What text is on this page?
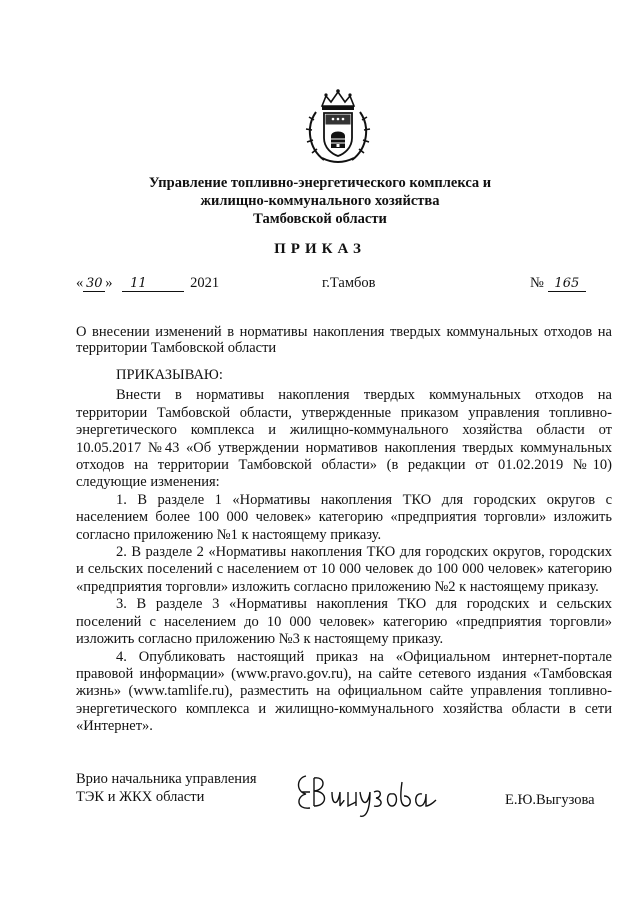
Управление топливно-энергетического комплекса и
жилищно-коммунального хозяйства
Тамбовской области
ПРИКАЗ
« 30 » 11	2021	г.Тамбов	№ 165
О внесении изменений в нормативы накопления твердых коммунальных отходов на территории Тамбовской области

ПРИКАЗЫВАЮ:

Внести в нормативы накопления твердых коммунальных отходов на территории Тамбовской области, утвержденные приказом управления топливно-энергетического комплекса и жилищно-коммунального хозяйства области от 10.05.2017 №43 «Об утверждении нормативов накопления твердых коммунальных отходов на территории Тамбовской области» (в редакции от 01.02.2019 №10) следующие изменения:

1. В разделе 1 «Нормативы накопления ТКО для городских округов с населением более 100 000 человек» категорию «предприятия торговли» изложить согласно приложению №1 к настоящему приказу.

2. В разделе 2 «Нормативы накопления ТКО для городских округов, городских и сельских поселений с населением от 10 000 человек до 100 000 человек» категорию «предприятия торговли» изложить согласно приложению №2 к настоящему приказу.

3. В разделе 3 «Нормативы накопления ТКО для городских и сельских поселений с населением до 10 000 человек» категорию «предприятия торговли» изложить согласно приложению №3 к настоящему приказу.

4. Опубликовать настоящий приказ на «Официальном интернет-портале правовой информации» (www.pravo.gov.ru), на сайте сетевого издания «Тамбовская жизнь» (www.tamlife.ru), разместить на официальном сайте управления топливно-энергетического комплекса и жилищно-коммунального хозяйства области в сети «Интернет».

Врио начальника управления
ТЭК и ЖКХ области	Е.Ю.Выгузова
